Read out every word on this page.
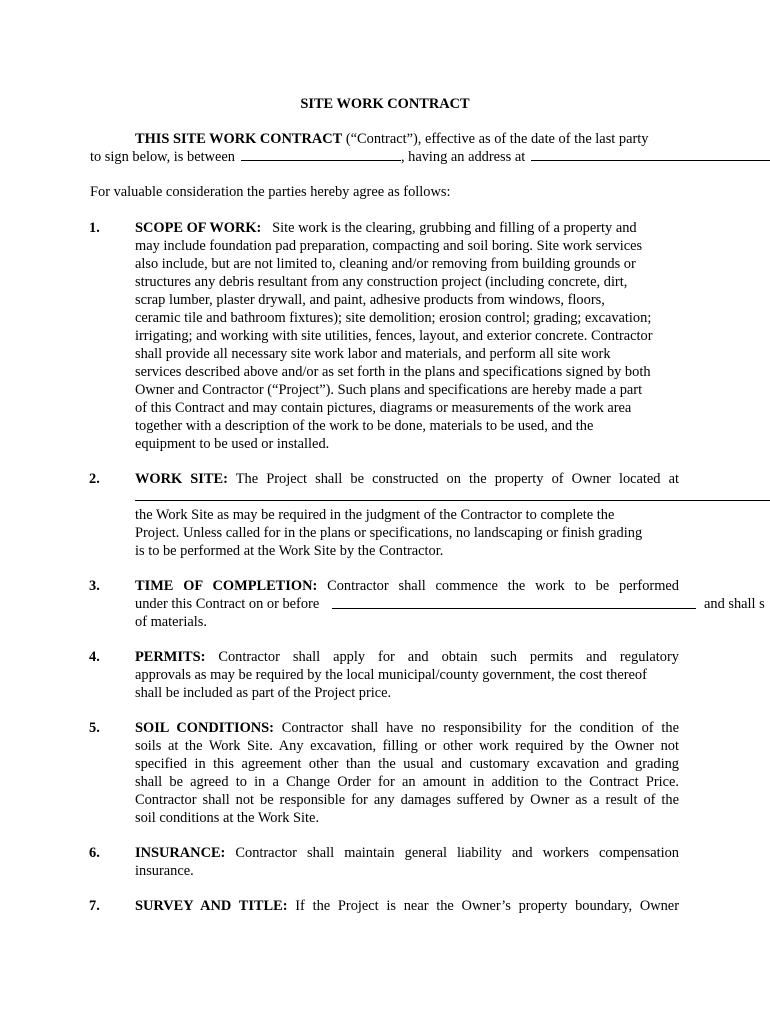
SITE WORK CONTRACT
THIS SITE WORK CONTRACT (“Contract”), effective as of the date of the last party
to sign below, is between	, having an address at
For valuable consideration the parties hereby agree as follows:
1. SCOPE OF WORK: Site work is the clearing, grubbing and filling of a property and
may include foundation pad preparation, compacting and soil boring. Site work services
also include, but are not limited to, cleaning and/or removing from building grounds or
structures any debris resultant from any construction project (including concrete, dirt,
scrap lumber, plaster drywall, and paint, adhesive products from windows, floors,
ceramic tile and bathroom fixtures); site demolition; erosion control; grading; excavation;
irrigating; and working with site utilities, fences, layout, and exterior concrete. Contractor
shall provide all necessary site work labor and materials, and perform all site work
services described above and/or as set forth in the plans and specifications signed by both
Owner and Contractor (“Project”). Such plans and specifications are hereby made a part
of this Contract and may contain pictures, diagrams or measurements of the work area
together with a description of the work to be done, materials to be used, and the
equipment to be used or installed.
2. WORK SITE: The Project shall be constructed on the property of Owner located at
the Work Site as may be required in the judgment of the Contractor to complete the
Project. Unless called for in the plans or specifications, no landscaping or finish grading
is to be performed at the Work Site by the Contractor.
3. TIME OF COMPLETION: Contractor shall commence the work to be performed
under this Contract on or before	and shall s
of materials.
4. PERMITS: Contractor shall apply for and obtain such permits and regulatory
approvals as may be required by the local municipal/county government, the cost thereof
shall be included as part of the Project price.
5. SOIL CONDITIONS: Contractor shall have no responsibility for the condition of the
soils at the Work Site. Any excavation, filling or other work required by the Owner not
specified in this agreement other than the usual and customary excavation and grading
shall be agreed to in a Change Order for an amount in addition to the Contract Price.
Contractor shall not be responsible for any damages suffered by Owner as a result of the
soil conditions at the Work Site.
6. INSURANCE: Contractor shall maintain general liability and workers compensation
insurance.
7. SURVEY AND TITLE: If the Project is near the Owner’s property boundary, Owner
